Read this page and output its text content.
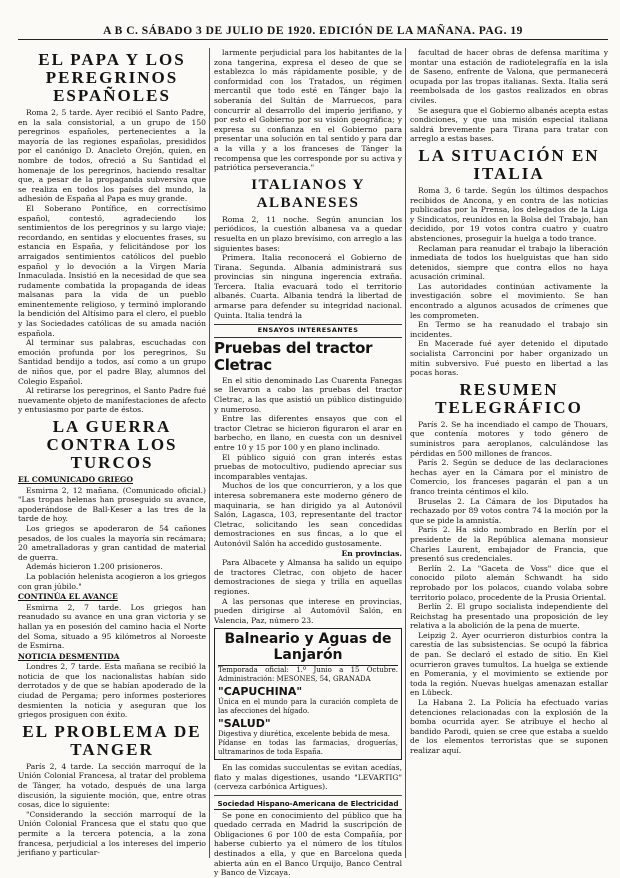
A B C. SÁBADO 3 DE JULIO DE 1920. EDICIÓN DE LA MAÑANA. PAG. 19
EL PAPA Y LOS PEREGRINOS ESPAÑOLES

Roma 2, 5 tarde. Ayer recibió el Santo Padre, en la sala consistorial, a un grupo de 150 peregrinos españoles, pertenecientes a la mayoría de las regiones españolas, presididos por el canónigo D. Anacleto Orejón, quien, en nombre de todos, ofreció a Su Santidad el homenaje de los peregrinos, haciendo resaltar que, a pesar de la propaganda subversiva que se realiza en todos los países del mundo, la adhesión de España al Papa es muy grande.

El Soberano Pontífice, en correctísimo español, contestó, agradeciendo los sentimientos de los peregrinos y su largo viaje; recordando, en sentidas y elocuentes frases, su estancia en España, y felicitándose por los arraigados sentimientos católicos del pueblo español y lo devoción a la Virgen María Inmaculada. Insistió en la necesidad de que sea rudamente combatida la propaganda de ideas malsanas para la vida de un pueblo eminentemente religioso, y terminó implorando la bendición del Altísimo para el clero, el pueblo y las Sociedades católicas de su amada nación española.

Al terminar sus palabras, escuchadas con emoción profunda por los peregrinos, Su Santidad bendijo a todos, así como a un grupo de niños que, por el padre Blay, alumnos del Colegio Español.

Al retirarse los peregrinos, el Santo Padre fué nuevamente objeto de manifestaciones de afecto y entusiasmo por parte de éstos.

LA GUERRA CONTRA LOS TURCOS
EL COMUNICADO GRIEGO

Esmirna 2, 12 mañana. (Comunicado oficial.) "Las tropas helenas han proseguido su avance, apoderándose de Ball-Keser a las tres de la tarde de hoy.

Los griegos se apoderaron de 54 cañones pesados, de los cuales la mayoría sin recámara; 20 ametralladoras y gran cantidad de material de guerra.

Además hicieron 1.200 prisioneros.

La población helenista acogieron a los griegos con gran júbilo."

CONTINÚA EL AVANCE

Esmirna 2, 7 tarde. Los griegos han reanudado su avance en una gran victoria y se hallan ya en posesión del camino hacia el Norte del Soma, situado a 95 kilómetros al Noroeste de Esmirna.

NOTICIA DESMENTIDA

Londres 2, 7 tarde. Esta mañana se recibió la noticia de que los nacionalistas habían sido derrotados y de que se habían apoderado de la ciudad de Pergama; pero informes posteriores desmienten la noticia y aseguran que los griegos prosiguen con éxito.

EL PROBLEMA DE TANGER

París 2, 4 tarde. La sección marroquí de la Unión Colonial Francesa, al tratar del problema de Tánger, ha votado, después de una larga discusión, la siguiente moción, que, entre otras cosas, dice lo siguiente:

"Considerando la sección marroquí de la Unión Colonial Francesa que el statu quo que permite a la tercera potencia, a la zona francesa, perjudicial a los intereses del imperio jerifiano y particular-

larmente perjudicial para los habitantes de la zona tangerina, expresa el deseo de que se establezca lo más rápidamente posible, y de conformidad con los Tratados, un régimen mercantil que todo esté en Tánger bajo la soberanía del Sultán de Marruecos, para concurrir al desarrollo del imperio jerifiano, y por esto el Gobierno por su visión geográfica; y expresa su confianza en el Gobierno para presentar una solución en tal sentido y para dar a la villa y a los franceses de Tánger la recompensa que les corresponde por su activa y patriótica perseverancia."

ITALIANOS Y ALBANESES

Roma 2, 11 noche. Según anuncian los periódicos, la cuestión albanesa va a quedar resuelta en un plazo brevísimo, con arreglo a las siguientes bases:

Primera. Italia reconocerá el Gobierno de Tirana. Segunda. Albania administrará sus provincias sin ninguna ingerencia extraña. Tercera. Italia evacuará todo el territorio albanés. Cuarta. Albania tendrá la libertad de armarse para defender su integridad nacional. Quinta. Italia tendrá la

ENSAYOS INTERESANTES
Pruebas del tractor Cletrac

En el sitio denominado Las Cuarenta Fanegas se llevaron a cabo las pruebas del tractor Cletrac, a las que asistió un público distinguido y numeroso.

Entre las diferentes ensayos que con el tractor Cletrac se hicieron figuraron el arar en barbecho, en llano, en cuesta con un desnivel entre 10 y 15 por 100 y en plano inclinado.

El público siguió con gran interés estas pruebas de motocultivo, pudiendo apreciar sus incomparables ventajas.

Muchos de los que concurrieron, y a los que interesa sobremanera este moderno género de maquinaria, se han dirigido ya al Autonóvil Salón, Lagasca, 103, representante del tractor Cletrac, solicitando les sean concedidas demostraciones en sus fincas, a lo que el Autonóvil Salón ha accedido gustosamente.

En provincias.

Para Albacete y Almansa ha salido un equipo de tractores Cletrac, con objeto de hacer demostraciones de siega y trilla en aquellas regiones.

A las personas que interese en provincias, pueden dirigirse al Automóvil Salón, en Valencia, Paz, número 23.

Balneario y Aguas de Lanjarón
Temporada oficial: 1.º Junio a 15 Octubre. Administración: MESONES, 54, GRANADA
"CAPUCHINA"
Única en el mundo para la curación completa de las afecciones del hígado.
"SALUD"
Digestiva y diurética, excelente bebida de mesa.
Pídanse en todas las farmacias, droguerías, ultramarinos de toda España.

En las comidas succulentas se evitan acedías, flato y malas digestiones, usando "LEVARTIG" (cerveza carbónica Artigues).

Sociedad Hispano-Americana de Electricidad

Se pone en conocimiento del público que ha quedado cerrada en Madrid la suscripción de Obligaciones 6 por 100 de esta Compañía, por haberse cubierto ya el número de los títulos destinados a ella, y que en Barcelona queda abierta aún en el Banco Urquijo, Banco Central y Banco de Vizcaya.

facultad de hacer obras de defensa marítima y montar una estación de radiotelegrafía en la isla de Saseno, enfrente de Valona, que permanecerá ocupada por las tropas italianas. Sexta. Italia será reembolsada de los gastos realizados en obras civiles.

Se asegura que el Gobierno albanés acepta estas condiciones, y que una misión especial italiana saldrá brevemente para Tirana para tratar con arreglo a estas bases.

LA SITUACIÓN EN ITALIA

Roma 3, 6 tarde. Según los últimos despachos recibidos de Ancona, y en contra de las noticias publicadas por la Prensa, los delegados de la Liga y Sindicatos, reunidos en la Bolsa del Trabajo, han decidido, por 19 votos contra cuatro y cuatro abstenciones, proseguir la huelga a todo trance.

Reclaman para reanudar el trabajo la liberación inmediata de todos los huelguistas que han sido detenidos, siempre que contra ellos no haya acusación criminal.

Las autoridades continúan activamente la investigación sobre el movimiento. Se han encontrado a algunos acusados de crímenes que les comprometen.

En Termo se ha reanudado el trabajo sin incidentes.

En Macerade fué ayer detenido el diputado socialista Carroncini por haber organizado un mitin subversivo. Fué puesto en libertad a las pocas horas.

RESUMEN TELEGRÁFICO

París 2. Se ha incendiado el campo de Thouars, que contenía motores y todo género de suministros para aeroplanos, calculándose las pérdidas en 500 millones de francos.

París 2. Según se deduce de las declaraciones hechas ayer en la Cámara por el ministro de Comercio, los franceses pagarán el pan a un franco treinta céntimos el kilo.

Bruselas 2. La Cámara de los Diputados ha rechazado por 89 votos contra 74 la moción por la que se pide la amnistía.

París 2. Ha sido nombrado en Berlín por el presidente de la República alemana monsieur Charles Laurent, embajador de Francia, que presentó sus credenciales.

Berlín 2. La "Gaceta de Voss" dice que el conocido piloto alemán Schwandt ha sido reprobado por los polacos, cuando volaba sobre territorio polaco, procedente de la Prusia Oriental.

Berlín 2. El grupo socialista independiente del Reichstag ha presentado una proposición de ley relativa a la abolición de la pena de muerte.

Leipzig 2. Ayer ocurrieron disturbios contra la carestía de las subsistencias. Se ocupó la fábrica de pan. Se declaró el estado de sitio. En Kiel ocurrieron graves tumultos. La huelga se extiende en Pomerania, y el movimiento se extiende por toda la región. Nuevas huelgas amenazan estallar en Lübeck.

La Habana 2. La Policía ha efectuado varias detenciones relacionadas con la explosión de la bomba ocurrida ayer. Se atribuye el hecho al bandido Parodi, quien se cree que estaba a sueldo de los elementos terroristas que se suponen realizar aquí.
